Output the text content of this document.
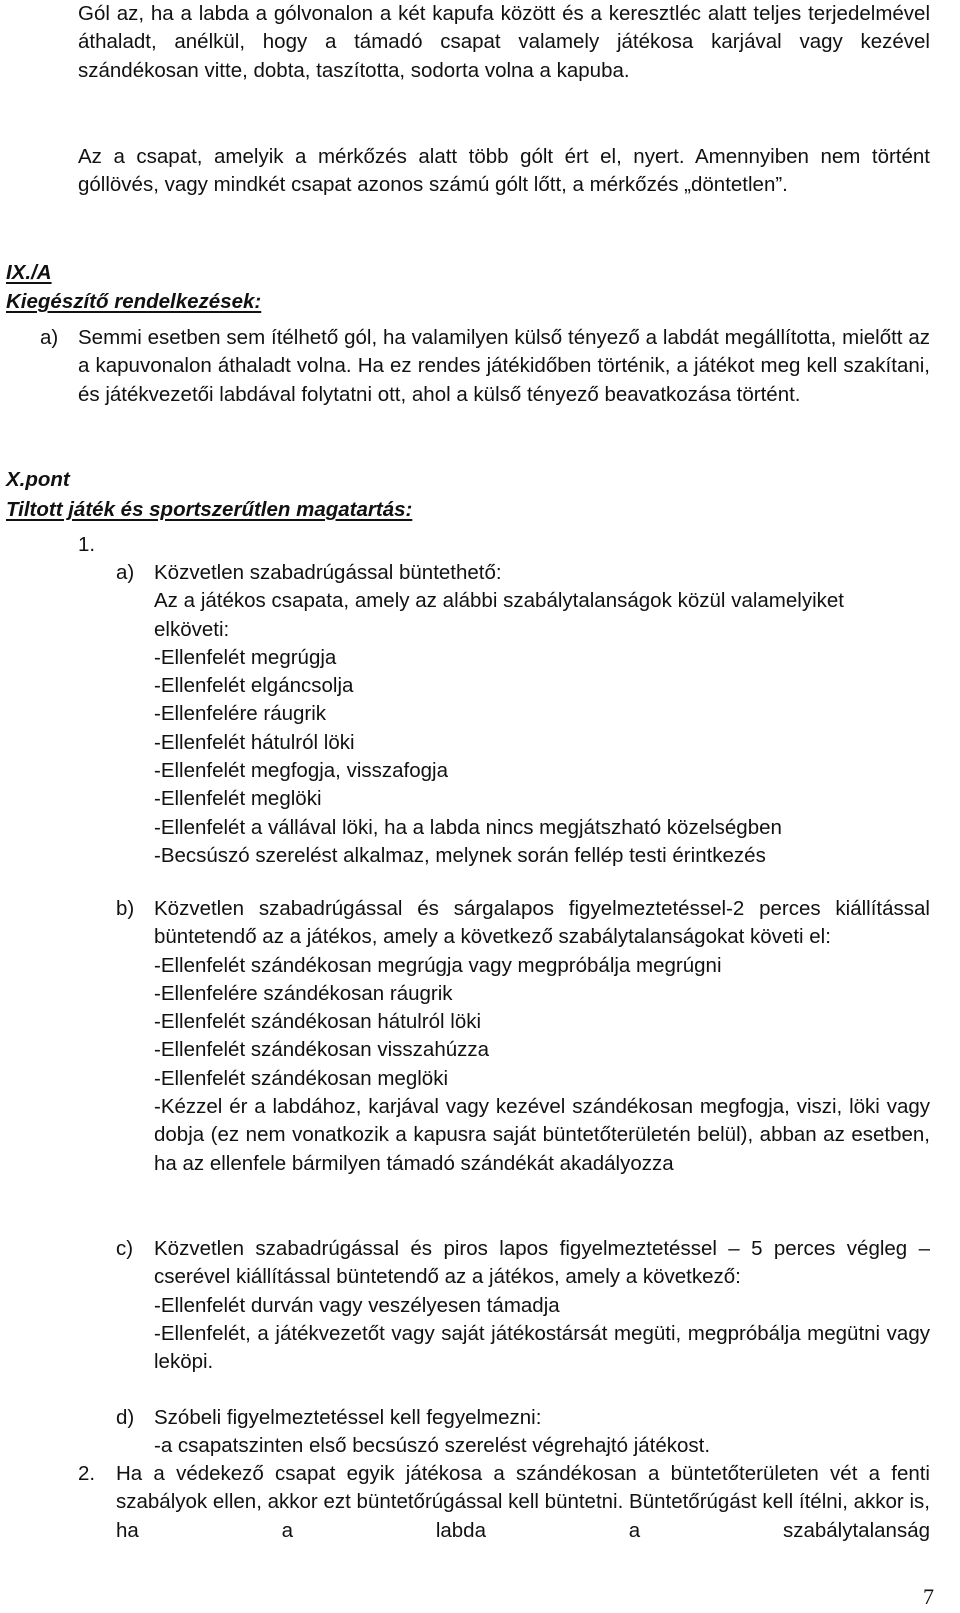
Gól az, ha a labda a gólvonalon a két kapufa között és a keresztléc alatt teljes terjedelmével áthaladt, anélkül, hogy a támadó csapat valamely játékosa karjával vagy kezével szándékosan vitte, dobta, taszította, sodorta volna a kapuba.

Az a csapat, amelyik a mérkőzés alatt több gólt ért el, nyert. Amennyiben nem történt góllövés, vagy mindkét csapat azonos számú gólt lőtt, a mérkőzés „döntetlen”.

IX./A
Kiegészítő rendelkezések:
a) Semmi esetben sem ítélhető gól, ha valamilyen külső tényező a labdát megállította, mielőtt az a kapuvonalon áthaladt volna. Ha ez rendes játékidőben történik, a játékot meg kell szakítani, és játékvezetői labdával folytatni ott, ahol a külső tényező beavatkozása történt.

X.pont
Tiltott játék és sportszerűtlen magatartás:
1.
a) Közvetlen szabadrúgással büntethető:

Az a játékos csapata, amely az alábbi szabálytalanságok közül valamelyiket elköveti:

-Ellenfelét megrúgja

-Ellenfelét elgáncsolja

-Ellenfelére ráugrik

-Ellenfelét hátulról löki

-Ellenfelét megfogja, visszafogja

-Ellenfelét meglöki

-Ellenfelét a vállával löki, ha a labda nincs megjátszható közelségben

-Becsúszó szerelést alkalmaz, melynek során fellép testi érintkezés

b) Közvetlen szabadrúgással és sárgalapos figyelmeztetéssel-2 perces kiállítással büntetendő az a játékos, amely a következő szabálytalanságokat követi el:

-Ellenfelét szándékosan megrúgja vagy megpróbálja megrúgni

-Ellenfelére szándékosan ráugrik

-Ellenfelét szándékosan hátulról löki

-Ellenfelét szándékosan visszahúzza

-Ellenfelét szándékosan meglöki

-Kézzel ér a labdához, karjával vagy kezével szándékosan megfogja, viszi, löki vagy dobja (ez nem vonatkozik a kapusra saját büntetőterületén belül), abban az esetben, ha az ellenfele bármilyen támadó szándékát akadályozza

c) Közvetlen szabadrúgással és piros lapos figyelmeztetéssel – 5 perces végleg – cserével kiállítással büntetendő az a játékos, amely a következő:

-Ellenfelét durván vagy veszélyesen támadja

-Ellenfelét, a játékvezetőt vagy saját játékostársát megüti, megpróbálja megütni vagy leköpi.

d) Szóbeli figyelmeztetéssel kell fegyelmezni:

-a csapatszinten első becsúszó szerelést végrehajtó játékost.

2. Ha a védekező csapat egyik játékosa a szándékosan a büntetőterületen vét a fenti szabályok ellen, akkor ezt büntetőrúgással kell büntetni. Büntetőrúgást kell ítélni, akkor is, ha a labda a szabálytalanság

7
